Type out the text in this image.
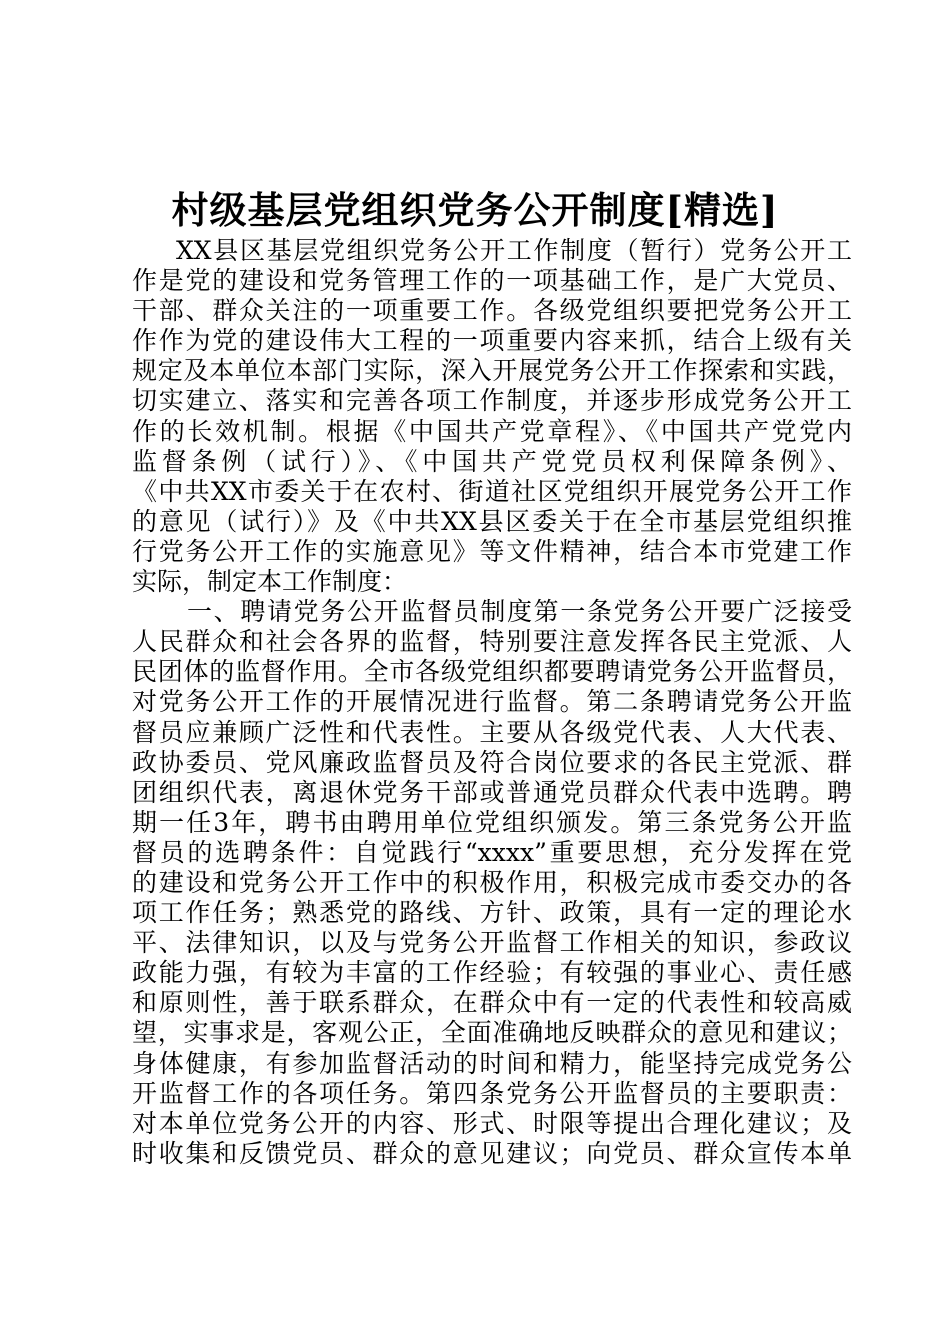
村级基层党组织党务公开制度[精选]
XX县区基层党组织党务公开工作制度（暂行）党务公开工
作是党的建设和党务管理工作的一项基础工作，是广大党员、
干部、群众关注的一项重要工作。各级党组织要把党务公开工
作作为党的建设伟大工程的一项重要内容来抓，结合上级有关
规定及本单位本部门实际，深入开展党务公开工作探索和实践，
切实建立、落实和完善各项工作制度，并逐步形成党务公开工
作的长效机制。根据《中国共产党章程》、《中国共产党党内
监督条例（试行）》、《中国共产党党员权利保障条例》、
《中共XX市委关于在农村、街道社区党组织开展党务公开工作
的意见（试行）》及《中共XX县区委关于在全市基层党组织推
行党务公开工作的实施意见》等文件精神，结合本市党建工作
实际，制定本工作制度：
一、聘请党务公开监督员制度第一条党务公开要广泛接受
人民群众和社会各界的监督，特别要注意发挥各民主党派、人
民团体的监督作用。全市各级党组织都要聘请党务公开监督员，
对党务公开工作的开展情况进行监督。第二条聘请党务公开监
督员应兼顾广泛性和代表性。主要从各级党代表、人大代表、
政协委员、党风廉政监督员及符合岗位要求的各民主党派、群
团组织代表，离退休党务干部或普通党员群众代表中选聘。聘
期一任3年，聘书由聘用单位党组织颁发。第三条党务公开监
督员的选聘条件：自觉践行“xxxx”重要思想，充分发挥在党
的建设和党务公开工作中的积极作用，积极完成市委交办的各
项工作任务；熟悉党的路线、方针、政策，具有一定的理论水
平、法律知识，以及与党务公开监督工作相关的知识，参政议
政能力强，有较为丰富的工作经验；有较强的事业心、责任感
和原则性，善于联系群众，在群众中有一定的代表性和较高威
望，实事求是，客观公正，全面准确地反映群众的意见和建议；
身体健康，有参加监督活动的时间和精力，能坚持完成党务公
开监督工作的各项任务。第四条党务公开监督员的主要职责：
对本单位党务公开的内容、形式、时限等提出合理化建议；及
时收集和反馈党员、群众的意见建议；向党员、群众宣传本单
